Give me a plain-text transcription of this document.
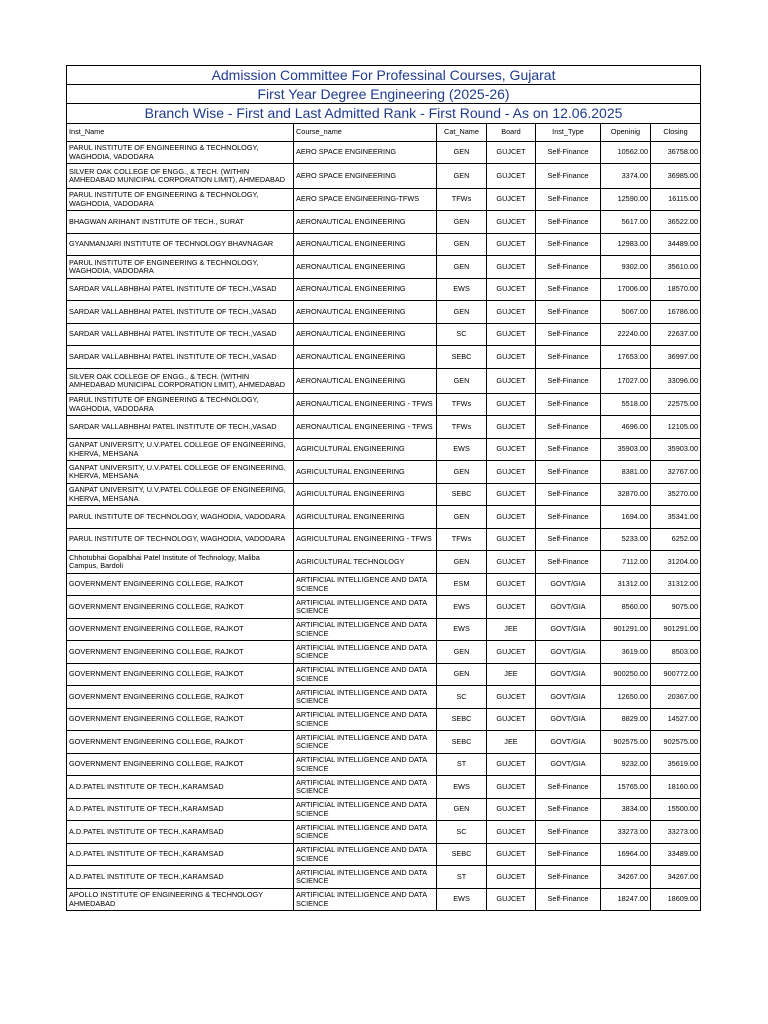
Admission Committee For Professinal Courses, Gujarat						
First Year Degree Engineering (2025-26)						
Branch Wise - First and Last Admitted Rank - First Round - As on 12.06.2025						
Inst_Name	Course_name	Cat_Name	Board	Inst_Type	Openinig	Closing
PARUL INSTITUTE OF ENGINEERING & TECHNOLOGY, WAGHODIA, VADODARA	AERO SPACE ENGINEERING	GEN	GUJCET	Self-Finance	10562.00	36758.00
SILVER OAK COLLEGE OF ENGG., & TECH. (WITHIN AMHEDABAD MUNICIPAL CORPORATION LIMIT), AHMEDABAD	AERO SPACE ENGINEERING	GEN	GUJCET	Self-Finance	3374.00	36985.00
PARUL INSTITUTE OF ENGINEERING & TECHNOLOGY, WAGHODIA, VADODARA	AERO SPACE ENGINEERING-TFWS	TFWs	GUJCET	Self-Finance	12590.00	16115.00
BHAGWAN ARIHANT INSTITUTE OF TECH., SURAT	AERONAUTICAL ENGINEERING	GEN	GUJCET	Self-Finance	5617.00	36522.00
GYANMANJARI INSTITUTE OF TECHNOLOGY BHAVNAGAR	AERONAUTICAL ENGINEERING	GEN	GUJCET	Self-Finance	12983.00	34489.00
PARUL INSTITUTE OF ENGINEERING & TECHNOLOGY, WAGHODIA, VADODARA	AERONAUTICAL ENGINEERING	GEN	GUJCET	Self-Finance	9302.00	35610.00
SARDAR VALLABHBHAI PATEL INSTITUTE OF TECH.,VASAD	AERONAUTICAL ENGINEERING	EWS	GUJCET	Self-Finance	17006.00	18570.00
SARDAR VALLABHBHAI PATEL INSTITUTE OF TECH.,VASAD	AERONAUTICAL ENGINEERING	GEN	GUJCET	Self-Finance	5067.00	16786.00
SARDAR VALLABHBHAI PATEL INSTITUTE OF TECH.,VASAD	AERONAUTICAL ENGINEERING	SC	GUJCET	Self-Finance	22240.00	22637.00
SARDAR VALLABHBHAI PATEL INSTITUTE OF TECH.,VASAD	AERONAUTICAL ENGINEERING	SEBC	GUJCET	Self-Finance	17653.00	36997.00
SILVER OAK COLLEGE OF ENGG., & TECH. (WITHIN AMHEDABAD MUNICIPAL CORPORATION LIMIT), AHMEDABAD	AERONAUTICAL ENGINEERING	GEN	GUJCET	Self-Finance	17027.00	33096.00
PARUL INSTITUTE OF ENGINEERING & TECHNOLOGY, WAGHODIA, VADODARA	AERONAUTICAL ENGINEERING - TFWS	TFWs	GUJCET	Self-Finance	5518.00	22575.00
SARDAR VALLABHBHAI PATEL INSTITUTE OF TECH.,VASAD	AERONAUTICAL ENGINEERING - TFWS	TFWs	GUJCET	Self-Finance	4696.00	12105.00
GANPAT UNIVERSITY, U.V.PATEL COLLEGE OF ENGINEERING, KHERVA, MEHSANA	AGRICULTURAL ENGINEERING	EWS	GUJCET	Self-Finance	35903.00	35903.00
GANPAT UNIVERSITY, U.V.PATEL COLLEGE OF ENGINEERING, KHERVA, MEHSANA	AGRICULTURAL ENGINEERING	GEN	GUJCET	Self-Finance	8381.00	32767.00
GANPAT UNIVERSITY, U.V.PATEL COLLEGE OF ENGINEERING, KHERVA, MEHSANA	AGRICULTURAL ENGINEERING	SEBC	GUJCET	Self-Finance	32870.00	35270.00
PARUL INSTITUTE OF TECHNOLOGY, WAGHODIA, VADODARA	AGRICULTURAL ENGINEERING	GEN	GUJCET	Self-Finance	1694.00	35341.00
PARUL INSTITUTE OF TECHNOLOGY, WAGHODIA, VADODARA	AGRICULTURAL ENGINEERING - TFWS	TFWs	GUJCET	Self-Finance	5233.00	6252.00
Chhotubhai Gopalbhai Patel Institute of Technology, Maliba Campus, Bardoli	AGRICULTURAL TECHNOLOGY	GEN	GUJCET	Self-Finance	7112.00	31204.00
GOVERNMENT ENGINEERING COLLEGE, RAJKOT	ARTIFICIAL INTELLIGENCE AND DATA SCIENCE	ESM	GUJCET	GOVT/GIA	31312.00	31312.00
GOVERNMENT ENGINEERING COLLEGE, RAJKOT	ARTIFICIAL INTELLIGENCE AND DATA SCIENCE	EWS	GUJCET	GOVT/GIA	8560.00	9075.00
GOVERNMENT ENGINEERING COLLEGE, RAJKOT	ARTIFICIAL INTELLIGENCE AND DATA SCIENCE	EWS	JEE	GOVT/GIA	901291.00	901291.00
GOVERNMENT ENGINEERING COLLEGE, RAJKOT	ARTIFICIAL INTELLIGENCE AND DATA SCIENCE	GEN	GUJCET	GOVT/GIA	3619.00	8503.00
GOVERNMENT ENGINEERING COLLEGE, RAJKOT	ARTIFICIAL INTELLIGENCE AND DATA SCIENCE	GEN	JEE	GOVT/GIA	900250.00	900772.00
GOVERNMENT ENGINEERING COLLEGE, RAJKOT	ARTIFICIAL INTELLIGENCE AND DATA SCIENCE	SC	GUJCET	GOVT/GIA	12650.00	20367.00
GOVERNMENT ENGINEERING COLLEGE, RAJKOT	ARTIFICIAL INTELLIGENCE AND DATA SCIENCE	SEBC	GUJCET	GOVT/GIA	8829.00	14527.00
GOVERNMENT ENGINEERING COLLEGE, RAJKOT	ARTIFICIAL INTELLIGENCE AND DATA SCIENCE	SEBC	JEE	GOVT/GIA	902575.00	902575.00
GOVERNMENT ENGINEERING COLLEGE, RAJKOT	ARTIFICIAL INTELLIGENCE AND DATA SCIENCE	ST	GUJCET	GOVT/GIA	9232.00	35619.00
A.D.PATEL INSTITUTE OF TECH.,KARAMSAD	ARTIFICIAL INTELLIGENCE AND DATA SCIENCE	EWS	GUJCET	Self-Finance	15765.00	18160.00
A.D.PATEL INSTITUTE OF TECH.,KARAMSAD	ARTIFICIAL INTELLIGENCE AND DATA SCIENCE	GEN	GUJCET	Self-Finance	3834.00	15500.00
A.D.PATEL INSTITUTE OF TECH.,KARAMSAD	ARTIFICIAL INTELLIGENCE AND DATA SCIENCE	SC	GUJCET	Self-Finance	33273.00	33273.00
A.D.PATEL INSTITUTE OF TECH.,KARAMSAD	ARTIFICIAL INTELLIGENCE AND DATA SCIENCE	SEBC	GUJCET	Self-Finance	16964.00	33489.00
A.D.PATEL INSTITUTE OF TECH.,KARAMSAD	ARTIFICIAL INTELLIGENCE AND DATA SCIENCE	ST	GUJCET	Self-Finance	34267.00	34267.00
APOLLO INSTITUTE OF ENGINEERING & TECHNOLOGY AHMEDABAD	ARTIFICIAL INTELLIGENCE AND DATA SCIENCE	EWS	GUJCET	Self-Finance	18247.00	18609.00
